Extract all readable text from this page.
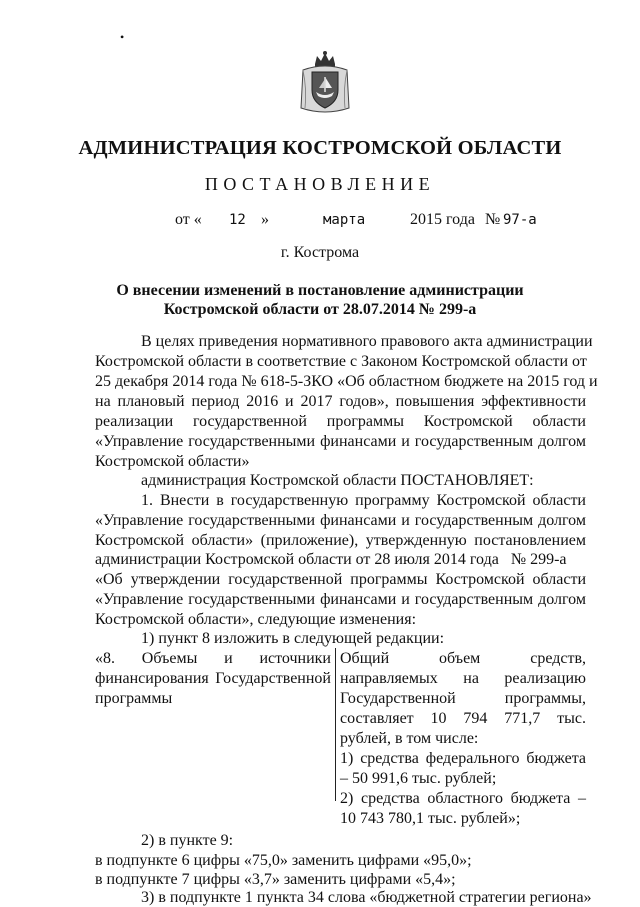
•
АДМИНИСТРАЦИЯ КОСТРОМСКОЙ ОБЛАСТИ
ПОСТАНОВЛЕНИЕ
от « 12 »	марта	2015 года № 97-а
г. Кострома
О внесении изменений в постановление администрации
Костромской области от 28.07.2014 № 299-а
В целях приведения нормативного правового акта администрации
Костромской области в соответствие с Законом Костромской области от
25 декабря 2014 года № 618-5-ЗКО «Об областном бюджете на 2015 год и
на плановый период 2016 и 2017 годов», повышения эффективности
реализации государственной программы Костромской области
«Управление государственными финансами и государственным долгом
Костромской области»
администрация Костромской области ПОСТАНОВЛЯЕТ:
1. Внести в государственную программу Костромской области
«Управление государственными финансами и государственным долгом
Костромской области» (приложение), утвержденную постановлением
администрации Костромской области от 28 июля 2014 года   № 299-а
«Об утверждении государственной программы Костромской области
«Управление государственными финансами и государственным долгом
Костромской области», следующие изменения:
1) пункт 8 изложить в следующей редакции:
«8. Объемы и источники
финансирования Государственной
программы
Общий объем средств,
направляемых на реализацию
Государственной программы,
составляет 10 794 771,7 тыс.
рублей, в том числе:
1) средства федерального бюджета
– 50 991,6 тыс. рублей;
2) средства областного бюджета –
10 743 780,1 тыс. рублей»;
2) в пункте 9:
в подпункте 6 цифры «75,0» заменить цифрами «95,0»;
в подпункте 7 цифры «3,7» заменить цифрами «5,4»;
3) в подпункте 1 пункта 34 слова «бюджетной стратегии региона»
